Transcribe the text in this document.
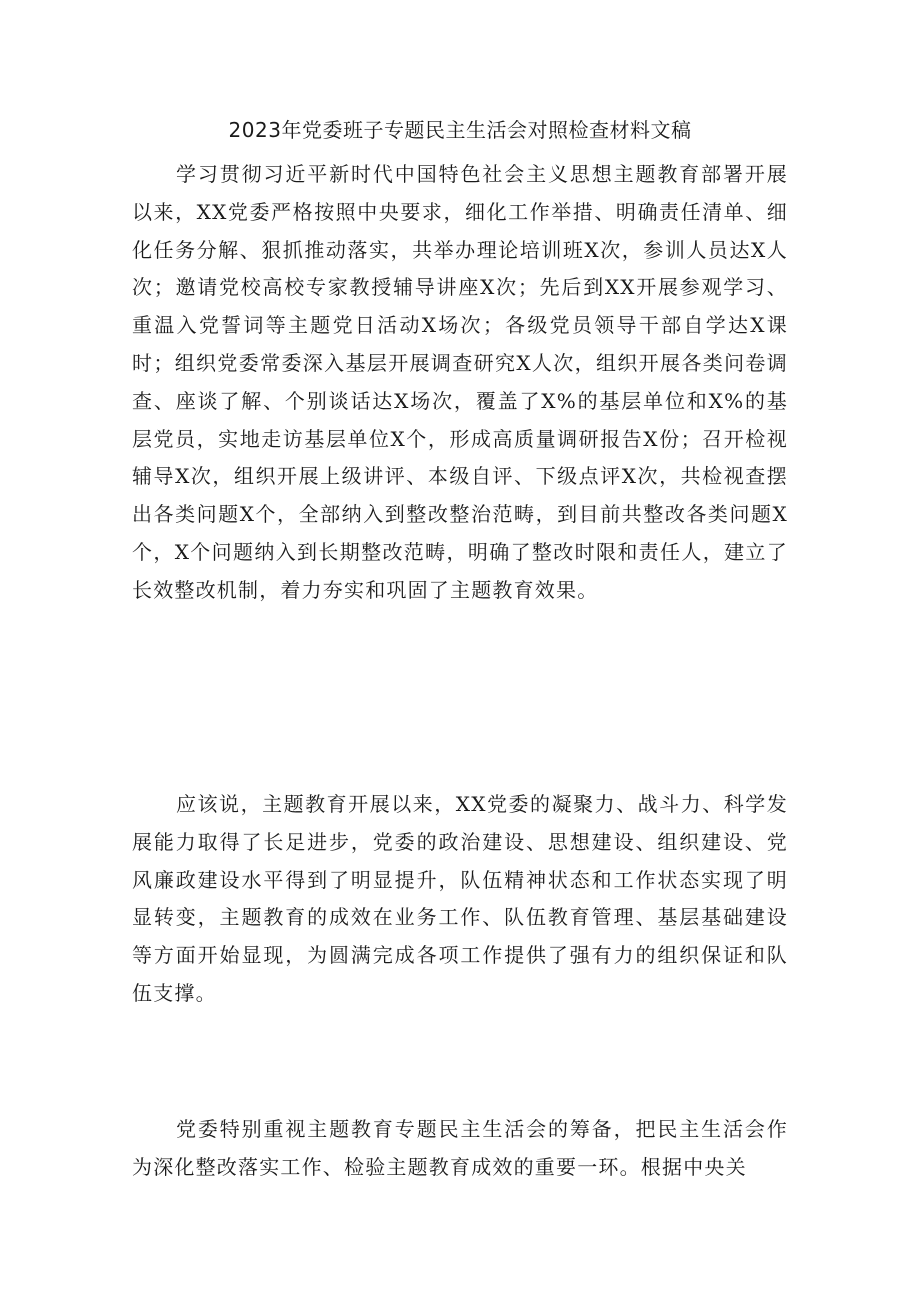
2023年党委班子专题民主生活会对照检查材料文稿

学习贯彻习近平新时代中国特色社会主义思想主题教育部署开展以来，XX党委严格按照中央要求，细化工作举措、明确责任清单、细化任务分解、狠抓推动落实，共举办理论培训班X次，参训人员达X人次；邀请党校高校专家教授辅导讲座X次；先后到XX开展参观学习、重温入党誓词等主题党日活动X场次；各级党员领导干部自学达X课时；组织党委常委深入基层开展调查研究X人次，组织开展各类问卷调查、座谈了解、个别谈话达X场次，覆盖了X%的基层单位和X%的基层党员，实地走访基层单位X个，形成高质量调研报告X份；召开检视辅导X次，组织开展上级讲评、本级自评、下级点评X次，共检视查摆出各类问题X个，全部纳入到整改整治范畴，到目前共整改各类问题X个，X个问题纳入到长期整改范畴，明确了整改时限和责任人，建立了长效整改机制，着力夯实和巩固了主题教育效果。

应该说，主题教育开展以来，XX党委的凝聚力、战斗力、科学发展能力取得了长足进步，党委的政治建设、思想建设、组织建设、党风廉政建设水平得到了明显提升，队伍精神状态和工作状态实现了明显转变，主题教育的成效在业务工作、队伍教育管理、基层基础建设等方面开始显现，为圆满完成各项工作提供了强有力的组织保证和队伍支撑。

党委特别重视主题教育专题民主生活会的筹备，把民主生活会作为深化整改落实工作、检验主题教育成效的重要一环。根据中央关
